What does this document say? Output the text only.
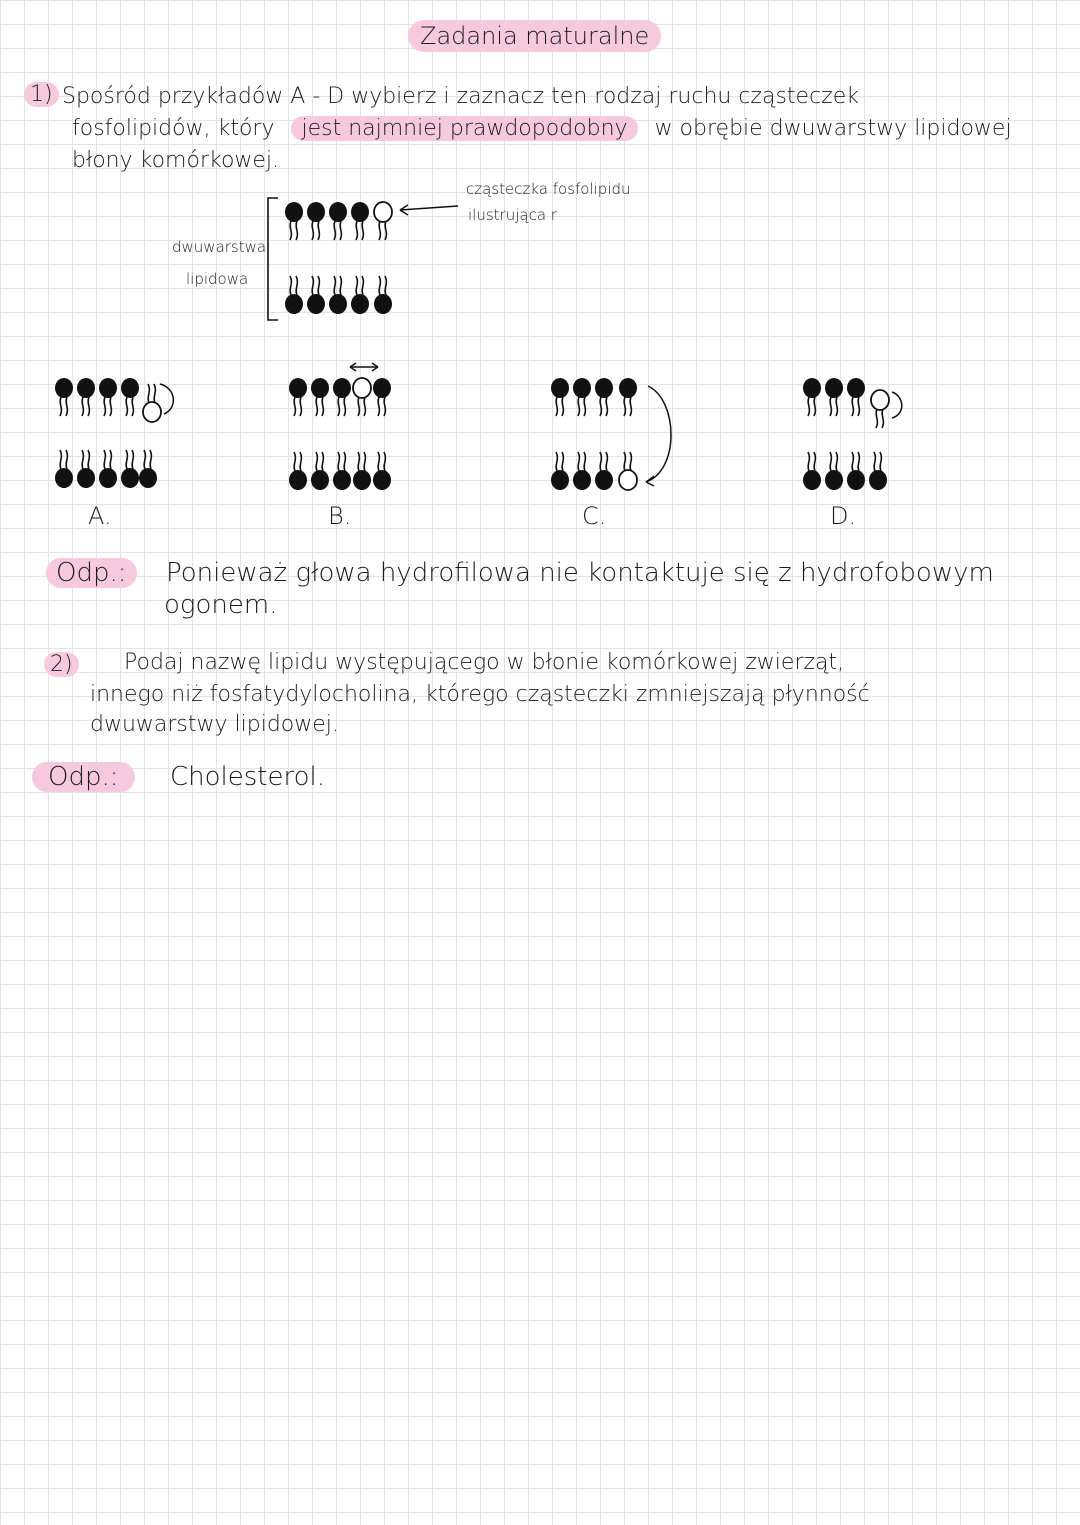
Zadania maturalne
1) Spośród przykładów A - D wybierz i zaznacz ten rodzaj ruchu cząsteczek
fosfolipidów, który jest najmniej prawdopodobny w obrębie dwuwarstwy lipidowej
błony komórkowej.
dwuwarstwa
lipidowa
cząsteczka fosfolipidu
ilustrująca r
A.	B.	C.	D.
Odp.:	Ponieważ głowa hydrofilowa nie kontaktuje się z hydrofobowym
ogonem.
2) Podaj nazwę lipidu występującego w błonie komórkowej zwierząt,
innego niż fosfatydylocholina, którego cząsteczki zmniejszają płynność
dwuwarstwy lipidowej.
Odp.:	Cholesterol.
